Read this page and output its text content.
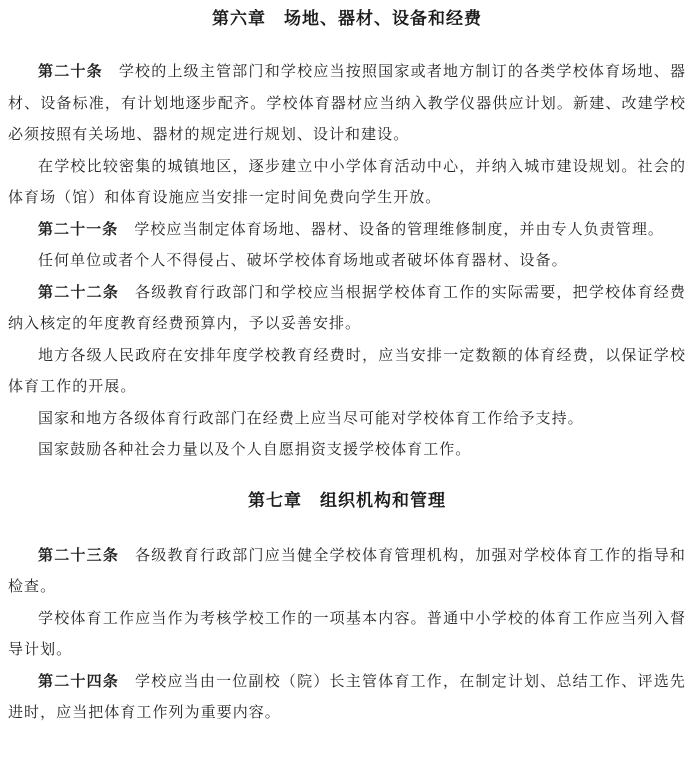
第六章　场地、器材、设备和经费

第二十条 学校的上级主管部门和学校应当按照国家或者地方制订的各类学校体育场地、器材、设备标准，有计划地逐步配齐。学校体育器材应当纳入教学仪器供应计划。新建、改建学校必须按照有关场地、器材的规定进行规划、设计和建设。

在学校比较密集的城镇地区，逐步建立中小学体育活动中心，并纳入城市建设规划。社会的体育场（馆）和体育设施应当安排一定时间免费向学生开放。

第二十一条 学校应当制定体育场地、器材、设备的管理维修制度，并由专人负责管理。

任何单位或者个人不得侵占、破坏学校体育场地或者破坏体育器材、设备。

第二十二条 各级教育行政部门和学校应当根据学校体育工作的实际需要，把学校体育经费纳入核定的年度教育经费预算内，予以妥善安排。

地方各级人民政府在安排年度学校教育经费时，应当安排一定数额的体育经费，以保证学校体育工作的开展。

国家和地方各级体育行政部门在经费上应当尽可能对学校体育工作给予支持。

国家鼓励各种社会力量以及个人自愿捐资支援学校体育工作。

第七章　组织机构和管理

第二十三条 各级教育行政部门应当健全学校体育管理机构，加强对学校体育工作的指导和检查。

学校体育工作应当作为考核学校工作的一项基本内容。普通中小学校的体育工作应当列入督导计划。

第二十四条 学校应当由一位副校（院）长主管体育工作，在制定计划、总结工作、评选先进时，应当把体育工作列为重要内容。
